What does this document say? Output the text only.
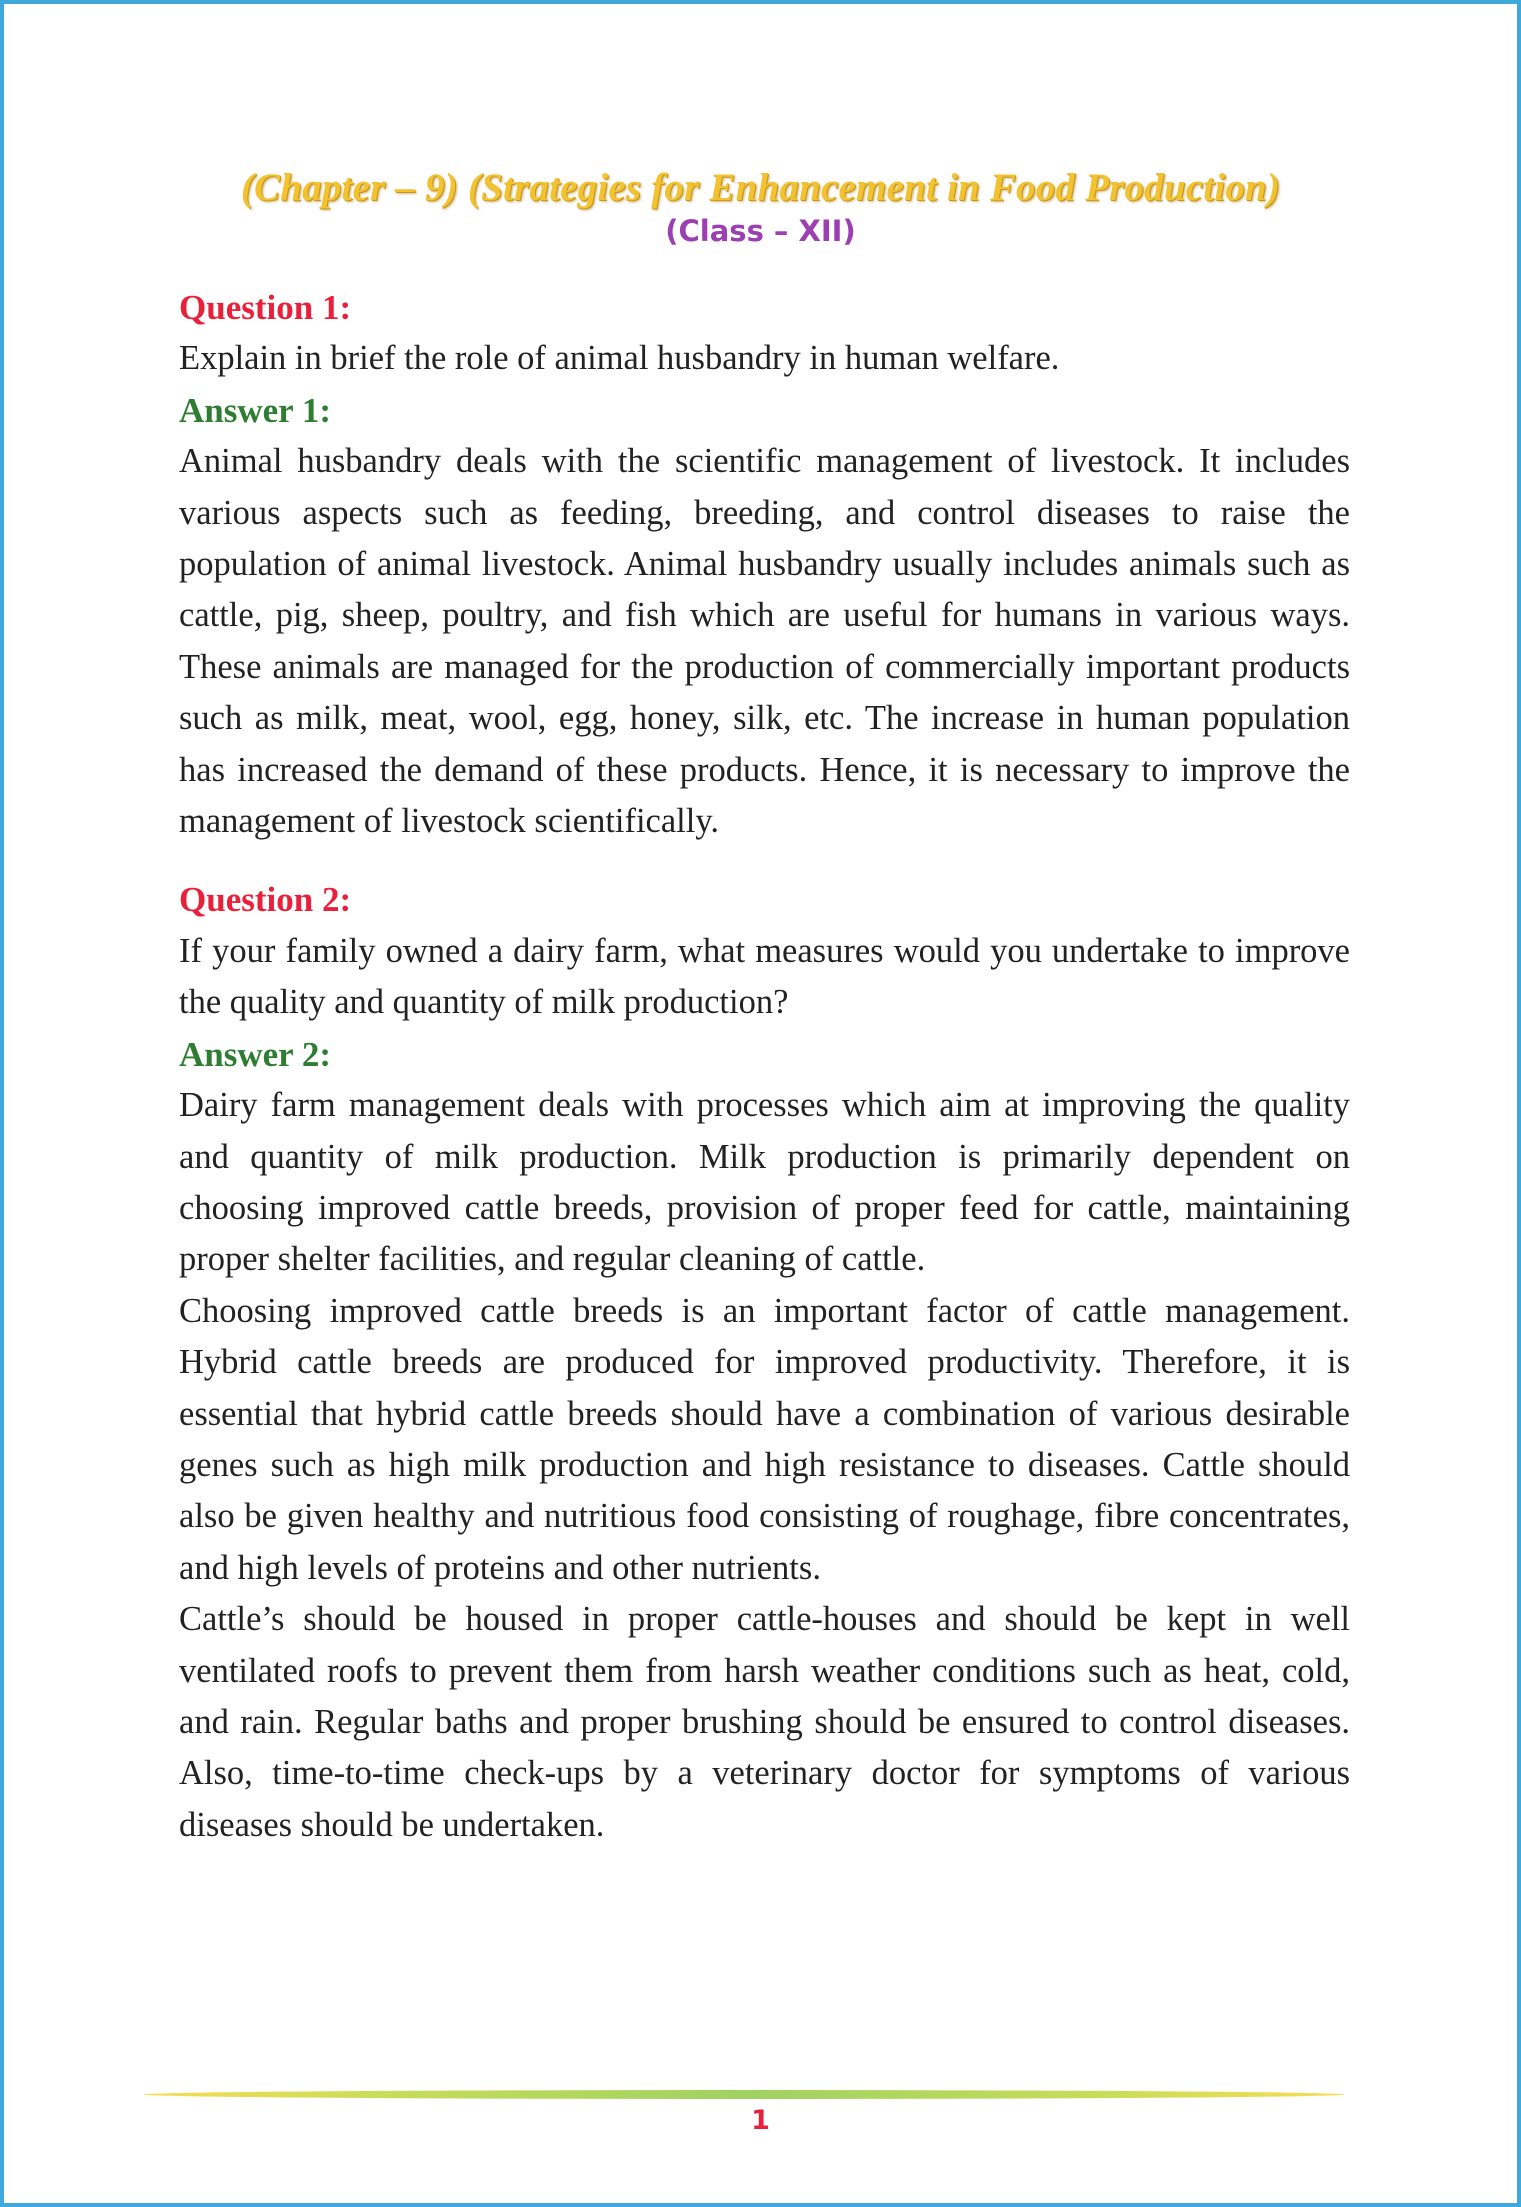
(Chapter – 9) (Strategies for Enhancement in Food Production)
(Class – XII)
Question 1:
Explain in brief the role of animal husbandry in human welfare.
Answer 1:
Animal husbandry deals with the scientific management of livestock. It includes various aspects such as feeding, breeding, and control diseases to raise the population of animal livestock. Animal husbandry usually includes animals such as cattle, pig, sheep, poultry, and fish which are useful for humans in various ways. These animals are managed for the production of commercially important products such as milk, meat, wool, egg, honey, silk, etc. The increase in human population has increased the demand of these products. Hence, it is necessary to improve the management of livestock scientifically.
Question 2:
If your family owned a dairy farm, what measures would you undertake to improve the quality and quantity of milk production?
Answer 2:
Dairy farm management deals with processes which aim at improving the quality and quantity of milk production. Milk production is primarily dependent on choosing improved cattle breeds, provision of proper feed for cattle, maintaining proper shelter facilities, and regular cleaning of cattle.
Choosing improved cattle breeds is an important factor of cattle management. Hybrid cattle breeds are produced for improved productivity. Therefore, it is essential that hybrid cattle breeds should have a combination of various desirable genes such as high milk production and high resistance to diseases. Cattle should also be given healthy and nutritious food consisting of roughage, fibre concentrates, and high levels of proteins and other nutrients.
Cattle’s should be housed in proper cattle-houses and should be kept in well ventilated roofs to prevent them from harsh weather conditions such as heat, cold, and rain. Regular baths and proper brushing should be ensured to control diseases. Also, time-to-time check-ups by a veterinary doctor for symptoms of various diseases should be undertaken.
1
